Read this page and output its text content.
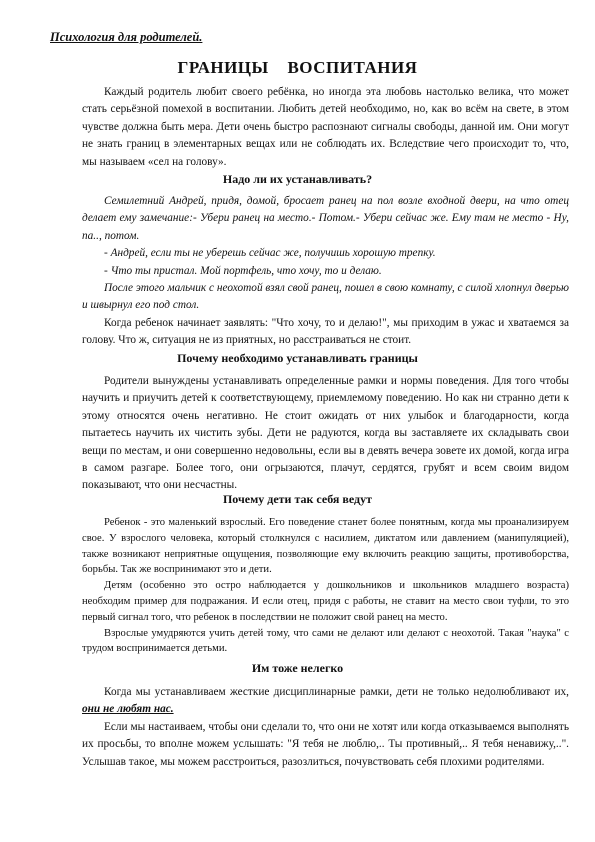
Психология для родителей.
ГРАНИЦЫ ВОСПИТАНИЯ

Каждый родитель любит своего ребёнка, но иногда эта любовь настолько велика, что может стать серьёзной помехой в воспитании. Любить детей необходимо, но, как во всём на свете, в этом чувстве должна быть мера. Дети очень быстро распознают сигналы свободы, данной им. Они могут не знать границ в элементарных вещах или не соблюдать их. Вследствие чего происходит то, что, мы называем «сел на голову».

Надо ли их устанавливать?

Семилетний Андрей, придя, домой, бросает ранец на пол возле входной двери, на что отец делает ему замечание:- Убери ранец на место.- Потом.- Убери сейчас же. Ему там не место - Ну, па.., потом.

- Андрей, если ты не уберешь сейчас же, получишь хорошую трепку.

- Что ты пристал. Мой портфель, что хочу, то и делаю.

После этого мальчик с неохотой взял свой ранец, пошел в свою комнату, с силой хлопнул дверью и швырнул его под стол.

Когда ребенок начинает заявлять: "Что хочу, то и делаю!", мы приходим в ужас и хватаемся за голову. Что ж, ситуация не из приятных, но расстраиваться не стоит.

Почему необходимо устанавливать границы

Родители вынуждены устанавливать определенные рамки и нормы поведения. Для того чтобы научить и приучить детей к соответствующему, приемлемому поведению. Но как ни странно дети к этому относятся очень негативно. Не стоит ожидать от них улыбок и благодарности, когда пытаетесь научить их чистить зубы. Дети не радуются, когда вы заставляете их складывать свои вещи по местам, и они совершенно недовольны, если вы в девять вечера зовете их домой, когда игра в самом разгаре. Более того, они огрызаются, плачут, сердятся, грубят и всем своим видом показывают, что они несчастны.

Почему дети так себя ведут

Ребенок - это маленький взрослый. Его поведение станет более понятным, когда мы проанализируем свое. У взрослого человека, который столкнулся с насилием, диктатом или давлением (манипуляцией), также возникают неприятные ощущения, позволяющие ему включить реакцию защиты, противоборства, борьбы. Так же воспринимают это и дети.

Детям (особенно это остро наблюдается у дошкольников и школьников младшего возраста) необходим пример для подражания. И если отец, придя с работы, не ставит на место свои туфли, то это первый сигнал того, что ребенок в последствии не положит свой ранец на место.

Взрослые умудряются учить детей тому, что сами не делают или делают с неохотой. Такая "наука" с трудом воспринимается детьми.

Им тоже нелегко

Когда мы устанавливаем жесткие дисциплинарные рамки, дети не только недолюбливают их, они не любят нас.

Если мы настаиваем, чтобы они сделали то, что они не хотят или когда отказываемся выполнять их просьбы, то вполне можем услышать: "Я тебя не люблю,.. Ты противный,.. Я тебя ненавижу,..". Услышав такое, мы можем расстроиться, разозлиться, почувствовать себя плохими родителями.
